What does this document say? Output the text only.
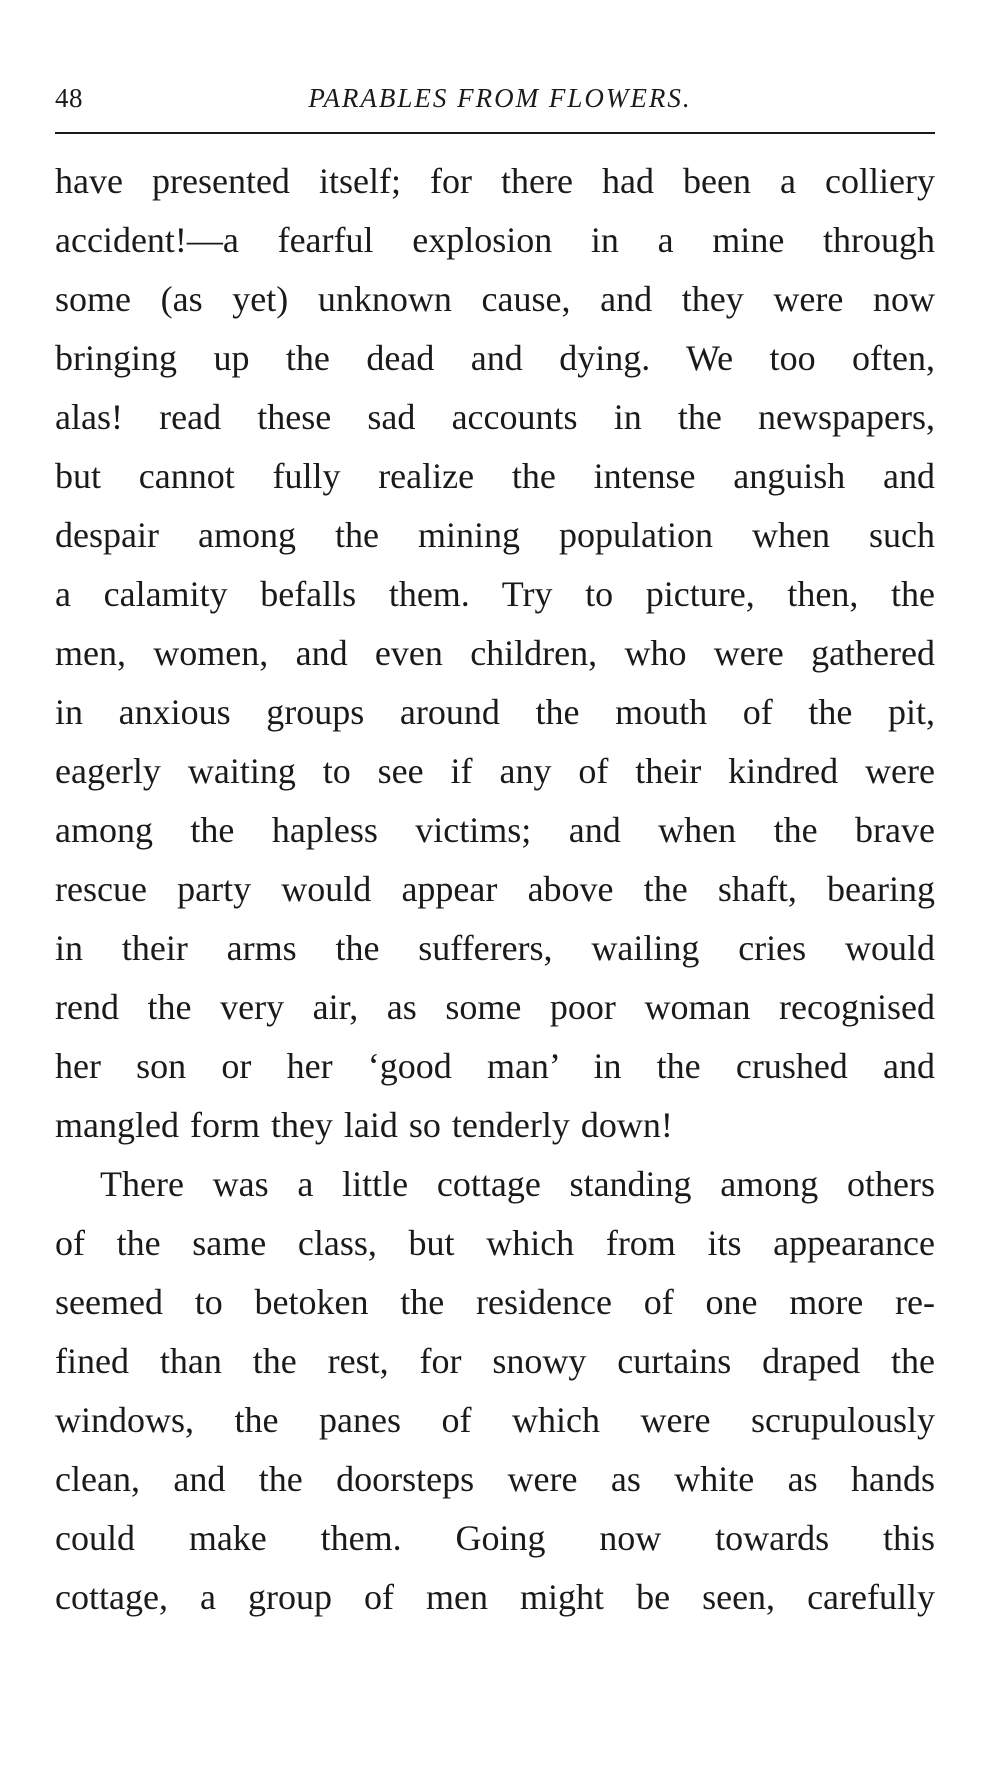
48	PARABLES FROM FLOWERS.
have presented itself; for there had been a colliery
accident!—a fearful explosion in a mine through
some (as yet) unknown cause, and they were now
bringing up the dead and dying. We too often,
alas! read these sad accounts in the newspapers,
but cannot fully realize the intense anguish and
despair among the mining population when such
a calamity befalls them. Try to picture, then, the
men, women, and even children, who were gathered
in anxious groups around the mouth of the pit,
eagerly waiting to see if any of their kindred were
among the hapless victims; and when the brave
rescue party would appear above the shaft, bearing
in their arms the sufferers, wailing cries would
rend the very air, as some poor woman recognised
her son or her ‘good man’ in the crushed and
mangled form they laid so tenderly down!
There was a little cottage standing among others
of the same class, but which from its appearance
seemed to betoken the residence of one more re-
fined than the rest, for snowy curtains draped the
windows, the panes of which were scrupulously
clean, and the doorsteps were as white as hands
could make them. Going now towards this
cottage, a group of men might be seen, carefully
